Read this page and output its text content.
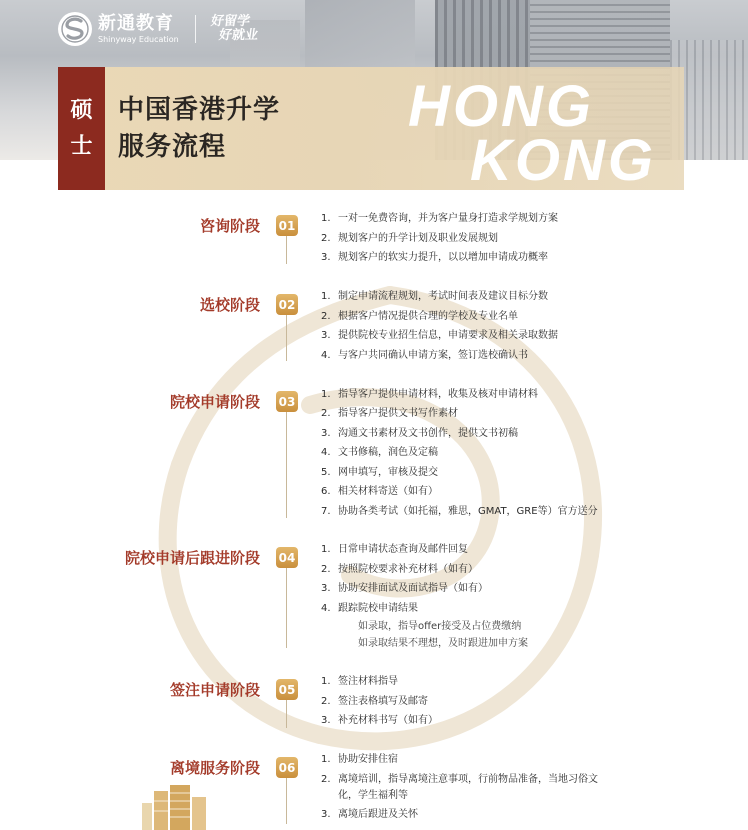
新通教育
Shinyway Education
好留学
好就业
硕
士
中国香港升学
服务流程
HONG
KONG
咨询阶段 01	1. 一对一免费咨询，并为客户量身打造求学规划方案
2. 规划客户的升学计划及职业发展规划
3. 规划客户的软实力提升，以以增加申请成功概率
选校阶段 02
1. 制定申请流程规划，考试时间表及建议目标分数
2. 根据客户情况提供合理的学校及专业名单
3. 提供院校专业招生信息，申请要求及相关录取数据
4. 与客户共同确认申请方案，签订选校确认书
院校申请阶段 03	1. 指导客户提供申请材料，收集及核对申请材料
2. 指导客户提供文书写作素材
3. 沟通文书素材及文书创作，提供文书初稿
4. 文书修稿，润色及定稿
5. 网申填写，审核及提交
6. 相关材料寄送（如有）
7. 协助各类考试（如托福，雅思，GMAT，GRE等）官方送分
院校申请后跟进阶段 04
1. 日常申请状态查询及邮件回复
2. 按照院校要求补充材料（如有）
3. 协助安排面试及面试指导（如有）
4. 跟踪院校申请结果
如录取，指导offer接受及占位费缴纳
如录取结果不理想，及时跟进加申方案
签注申请阶段 05
1. 签注材料指导
2. 签注表格填写及邮寄
3. 补充材料书写（如有）
离境服务阶段 06
1. 协助安排住宿
2. 离境培训，指导离境注意事项，行前物品准备，当地习俗文
化，学生福利等
3. 离境后跟进及关怀
